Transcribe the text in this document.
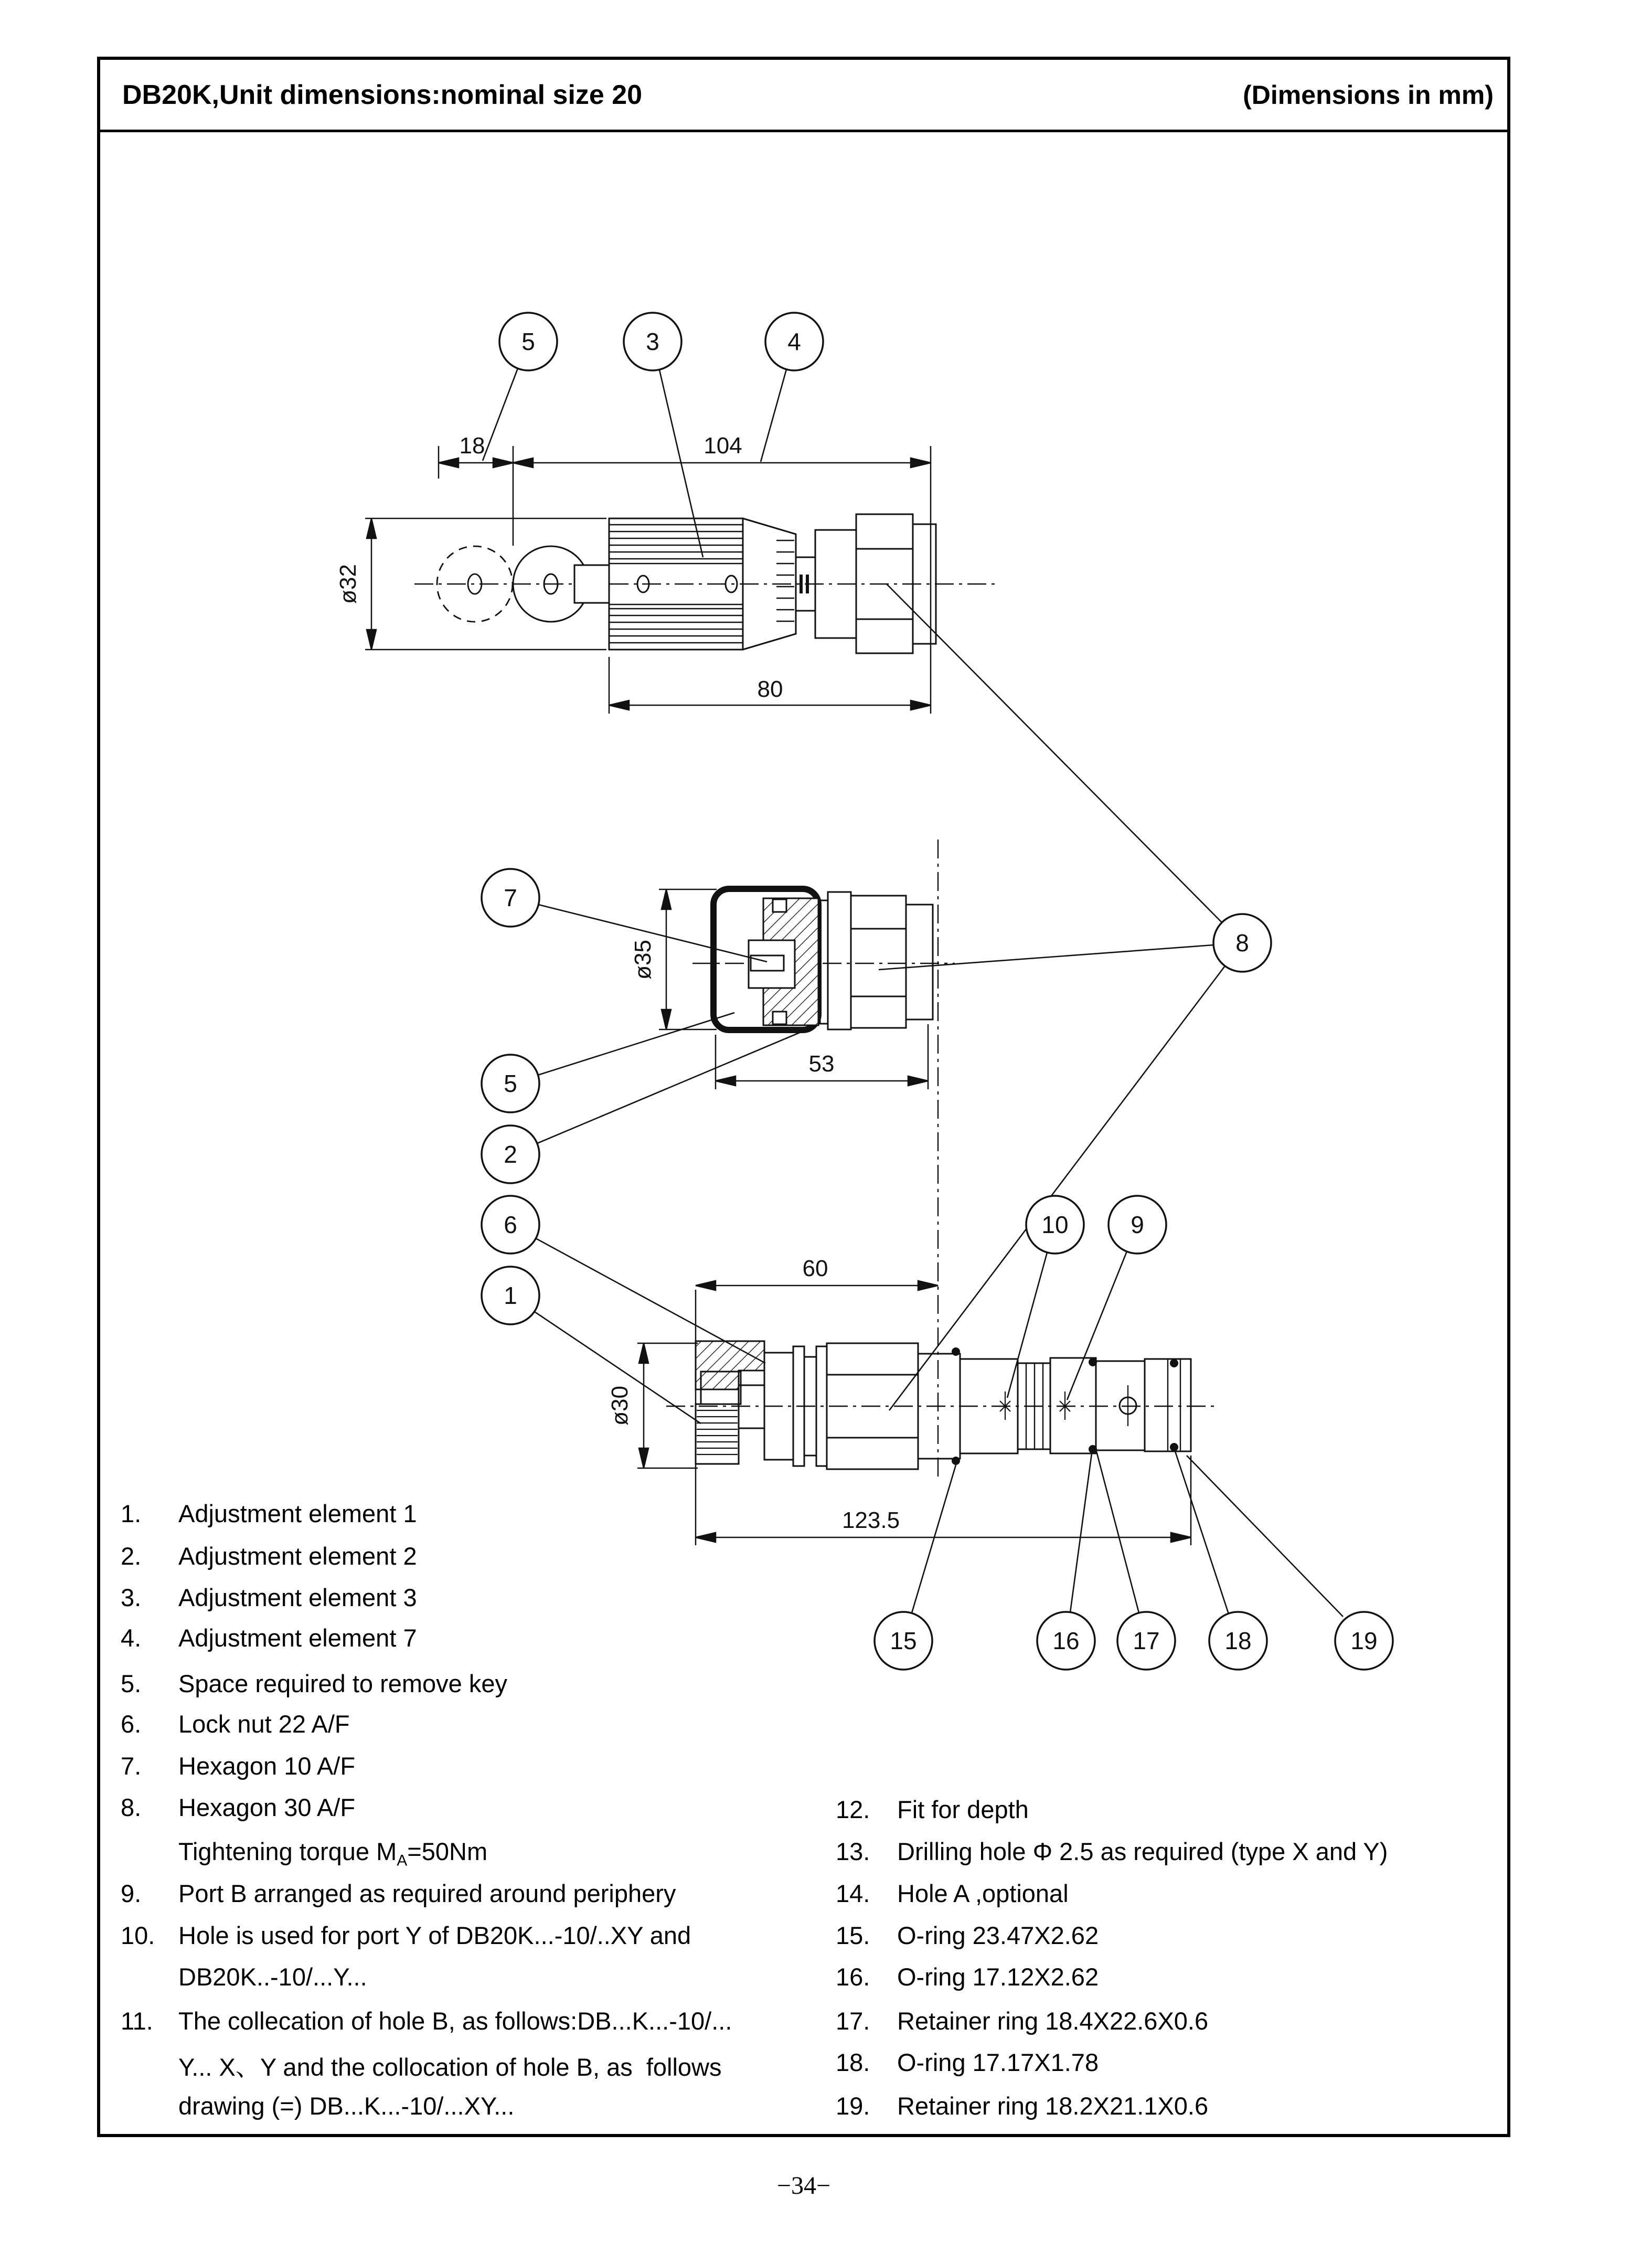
DB20K,Unit dimensions:nominal size 20	(Dimensions in mm)
18	104
ø32
80
ø35
53
60
ø30
123.5
5	3	4
7
8
5
2
6
1
10	9
15	16 17	18	19
1. Adjustment element 1
2. Adjustment element 2
3. Adjustment element 3
4. Adjustment element 7
5. Space required to remove key
6. Lock nut 22 A/F
7. Hexagon 10 A/F
8. Hexagon 30 A/F
Tightening torque $M_A=50Nm$
9. Port B arranged as required around periphery
10. Hole is used for port Y of DB20K...-10/..XY and
DB20K..-10/...Y...
11. The collecation of hole B, as follows:DB...K...-10/...
Y... X、Y and the collocation of hole B, as  follows
drawing (=) DB...K...-10/...XY...
12. Fit for depth
13. Drilling hole Φ 2.5 as required (type X and Y)
14. Hole A ,optional
15. O-ring 23.47X2.62
16. O-ring 17.12X2.62
17. Retainer ring 18.4X22.6X0.6
18. O-ring 17.17X1.78
19. Retainer ring 18.2X21.1X0.6
−34−
